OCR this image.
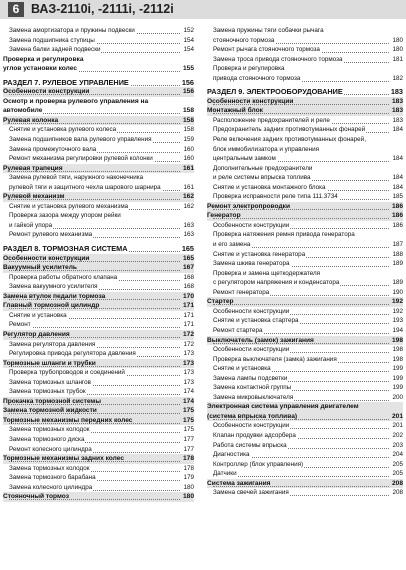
6 ВАЗ-2110i, -2111i, -2112i
Замена амортизатора и пружины подвески	152
Замена подшипника ступицы	154
Замена балки задней подвески	154
Проверка и регулировка
углов установки колес	155
РАЗДЕЛ 7. РУЛЕВОЕ УПРАВЛЕНИЕ	156
Особенности конструкции	156
Осмотр и проверка рулевого управления на
автомобиле	158
Рулевая колонка	158
Снятие и установка рулевого колеса	158
Замена подшипников вала рулевого управления	159
Замена промежуточного вала	160
Ремонт механизма регулировки рулевой колонки	160
Рулевая трапеция	161
Замена рулевой тяги, наружного наконечника
рулевой тяги и защитного чехла шарового шарнира	161
Рулевой механизм	162
Снятие и установка рулевого механизма	162
Проверка зазора между упором рейки
и гайкой упора	163
Ремонт рулевого механизма	163
РАЗДЕЛ 8. ТОРМОЗНАЯ СИСТЕМА	165
Особенности конструкции	165
Вакуумный усилитель	167
Проверка работы обратного клапана	168
Замена вакуумного усилителя	168
Замена втулок педали тормоза	170
Главный тормозной цилиндр	171
Снятие и установка	171
Ремонт	171
Регулятор давления	172
Замена регулятора давления	172
Регулировка привода регулятора давления	173
Тормозные шланги и трубки	173
Проверка трубопроводов и соединений	173
Замена тормозных шлангов	173
Замена тормозных трубок	174
Прокачка тормозной системы	174
Замена тормозной жидкости	175
Тормозные механизмы передних колес	175
Замена тормозных колодок	175
Замена тормозного диска	177
Ремонт колесного цилиндра	177
Тормозные механизмы задних колес	178
Замена тормозных колодок	178
Замена тормозного барабана	179
Замена колесного цилиндра	180
Стояночный тормоз	180
Замена пружины тяги собачки рычага
стояночного тормоза	180
Ремонт рычага стояночного тормоза	180
Замена троса привода стояночного тормоза	181
Проверка и регулировка
привода стояночного тормоза	182
РАЗДЕЛ 9. ЭЛЕКТРООБОРУДОВАНИЕ	183
Особенности конструкции	183
Монтажный блок	183
Расположение предохранителей и реле	183
Предохранитель задних противотуманных фонарей	184
Реле включения задних противотуманных фонарей,
блок иммобилизатора и управления
центральным замком	184
Дополнительные предохранители
и реле системы впрыска топлива	184
Снятие и установка монтажного блока	184
Проверка исправности реле типа 111.3734	185
Ремонт электропроводки	186
Генератор	186
Особенности конструкции	186
Проверка натяжения ремня привода генератора
и его замена	187
Снятие и установка генератора	188
Замена шкива генератора	189
Проверка и замена щеткодержателя
с регулятором напряжения и конденсатора	189
Ремонт генератора	190
Стартер	192
Особенности конструкции	192
Снятие и установка стартера	193
Ремонт стартера	194
Выключатель (замок) зажигания	198
Особенности конструкции	198
Проверка выключателя (замка) зажигания	198
Снятие и установка	199
Замена лампы подсветки	199
Замена контактной группы	199
Замена микровыключателя	200
Электронная система управления двигателем
(система впрыска топлива)	201
Особенности конструкции	201
Клапан продувки адсорбера	202
Работа системы впрыска	203
Диагностика	204
Контроллер (блок управления)	205
Датчики	205
Система зажигания	208
Замена свечей зажигания	208
